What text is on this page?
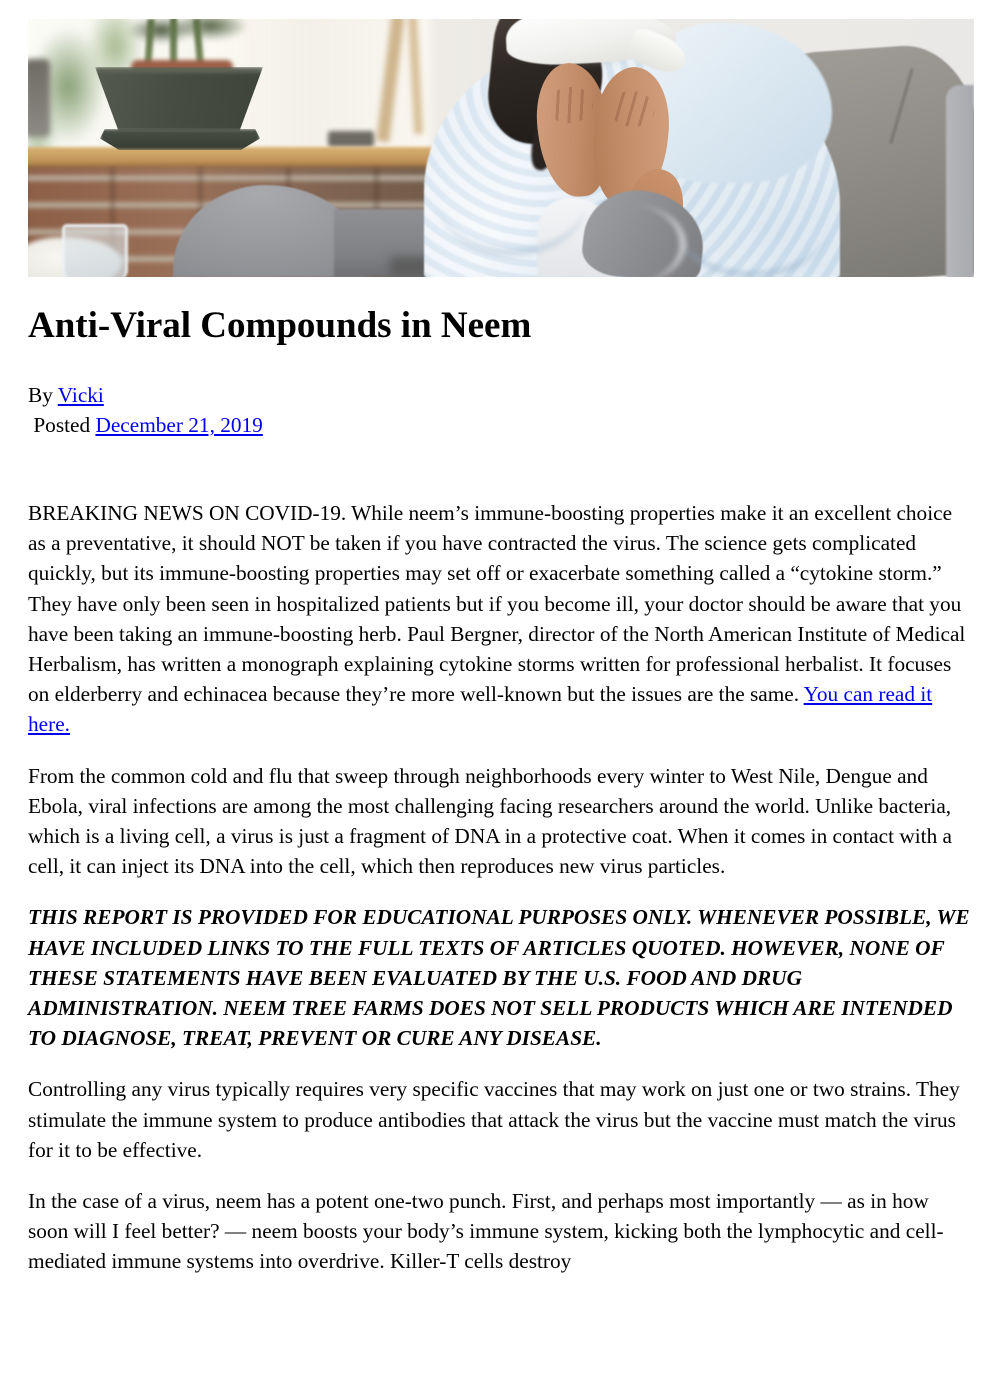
Anti-Viral Compounds in Neem
By Vicki
Posted December 21, 2019

BREAKING NEWS ON COVID-19. While neem’s immune-boosting properties make it an excellent choice as a preventative, it should NOT be taken if you have contracted the virus. The science gets complicated quickly, but its immune-boosting properties may set off or exacerbate something called a “cytokine storm.” They have only been seen in hospitalized patients but if you become ill, your doctor should be aware that you have been taking an immune-boosting herb. Paul Bergner, director of the North American Institute of Medical Herbalism, has written a monograph explaining cytokine storms written for professional herbalist. It focuses on elderberry and echinacea because they’re more well-known but the issues are the same. You can read it here.

From the common cold and flu that sweep through neighborhoods every winter to West Nile, Dengue and Ebola, viral infections are among the most challenging facing researchers around the world. Unlike bacteria, which is a living cell, a virus is just a fragment of DNA in a protective coat. When it comes in contact with a cell, it can inject its DNA into the cell, which then reproduces new virus particles.

THIS REPORT IS PROVIDED FOR EDUCATIONAL PURPOSES ONLY. WHENEVER POSSIBLE, WE HAVE INCLUDED LINKS TO THE FULL TEXTS OF ARTICLES QUOTED. HOWEVER, NONE OF THESE STATEMENTS HAVE BEEN EVALUATED BY THE U.S. FOOD AND DRUG ADMINISTRATION. NEEM TREE FARMS DOES NOT SELL PRODUCTS WHICH ARE INTENDED TO DIAGNOSE, TREAT, PREVENT OR CURE ANY DISEASE.

Controlling any virus typically requires very specific vaccines that may work on just one or two strains. They stimulate the immune system to produce antibodies that attack the virus but the vaccine must match the virus for it to be effective.

In the case of a virus, neem has a potent one-two punch. First, and perhaps most importantly — as in how soon will I feel better? — neem boosts your body’s immune system, kicking both the lymphocytic and cell-mediated immune systems into overdrive. Killer-T cells destroy
